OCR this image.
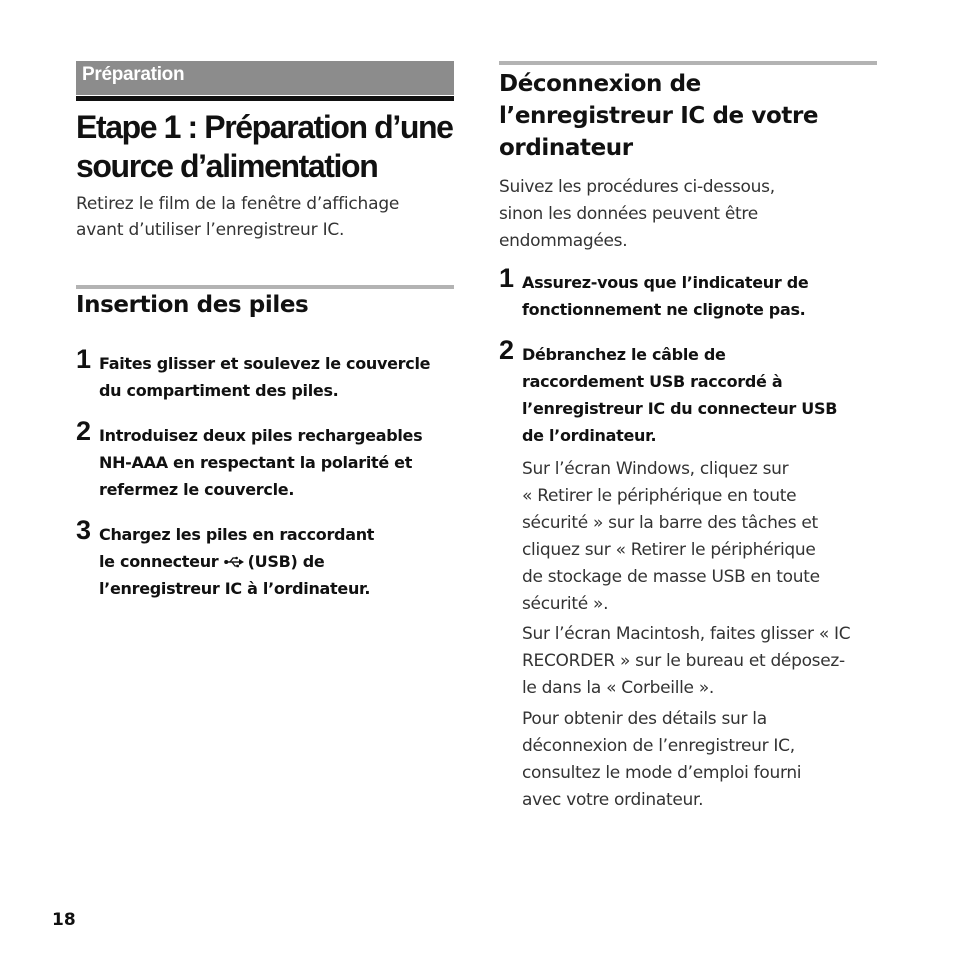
Préparation
Etape 1 : Préparation d’une
source d’alimentation

Retirez le film de la fenêtre d’affichage
avant d’utiliser l’enregistreur IC.

Insertion des piles
1 Faites glisser et soulevez le couvercle
du compartiment des piles.

2 Introduisez deux piles rechargeables
NH-AAA en respectant la polarité et
refermez le couvercle.

3 Chargez les piles en raccordant
le connecteur (USB) de
l’enregistreur IC à l’ordinateur.

Déconnexion de
l’enregistreur IC de votre
ordinateur

Suivez les procédures ci-dessous,
sinon les données peuvent être
endommagées.

1 Assurez-vous que l’indicateur de
fonctionnement ne clignote pas.

2 Débranchez le câble de
raccordement USB raccordé à
l’enregistreur IC du connecteur USB
de l’ordinateur.

Sur l’écran Windows, cliquez sur
« Retirer le périphérique en toute
sécurité » sur la barre des tâches et
cliquez sur « Retirer le périphérique
de stockage de masse USB en toute
sécurité ».

Sur l’écran Macintosh, faites glisser « IC
RECORDER » sur le bureau et déposez-
le dans la « Corbeille ».

Pour obtenir des détails sur la
déconnexion de l’enregistreur IC,
consultez le mode d’emploi fourni
avec votre ordinateur.

18
